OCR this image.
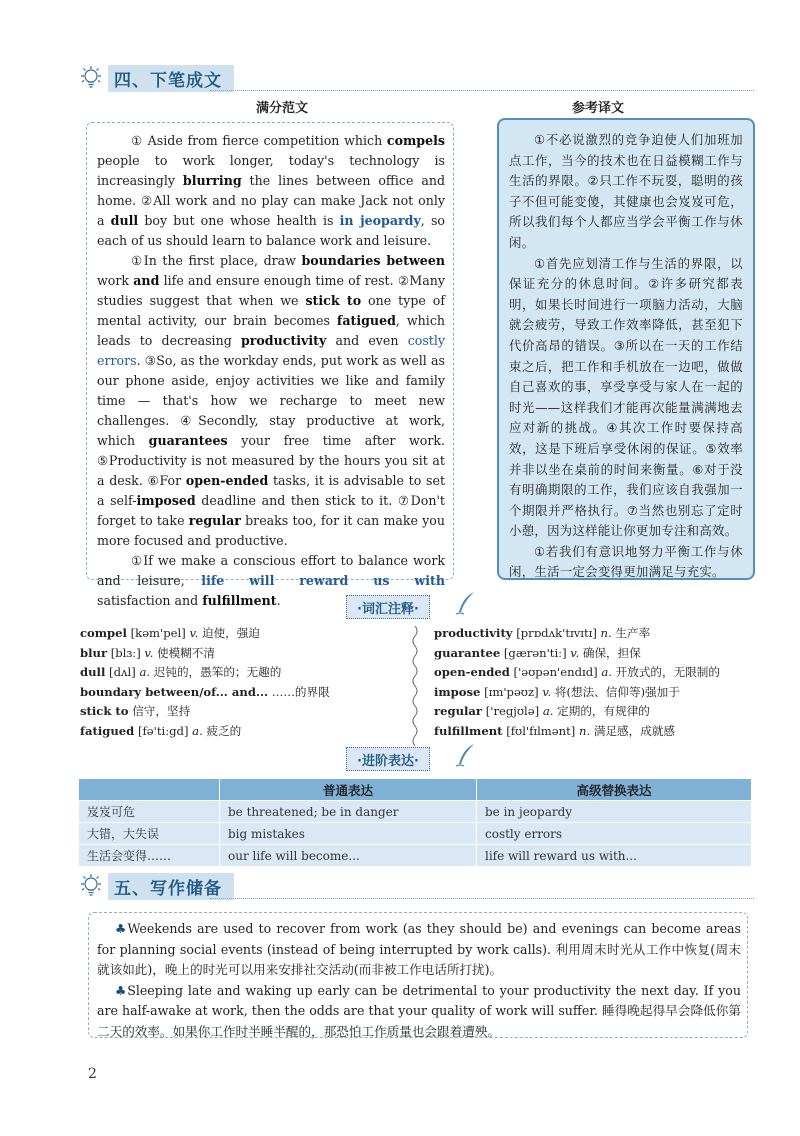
四、下笔成文
满分范文	参考译文

① Aside from fierce competition which compels people to work longer, today's technology is increasingly blurring the lines between office and home. ②All work and no play can make Jack not only a dull boy but one whose health is in jeopardy, so each of us should learn to balance work and leisure.

①In the first place, draw boundaries between work and life and ensure enough time of rest. ②Many studies suggest that when we stick to one type of mental activity, our brain becomes fatigued, which leads to decreasing productivity and even costly errors. ③So, as the workday ends, put work as well as our phone aside, enjoy activities we like and family time — that's how we recharge to meet new challenges. ④Secondly, stay productive at work, which guarantees your free time after work. ⑤Productivity is not measured by the hours you sit at a desk. ⑥For open-ended tasks, it is advisable to set a self-imposed deadline and then stick to it. ⑦Don't forget to take regular breaks too, for it can make you more focused and productive.

①If we make a conscious effort to balance work and leisure, life will reward us with satisfaction and fulfillment.

①不必说激烈的竞争迫使人们加班加点工作，当今的技术也在日益模糊工作与生活的界限。②只工作不玩耍，聪明的孩子不但可能变傻，其健康也会岌岌可危，所以我们每个人都应当学会平衡工作与休闲。

①首先应划清工作与生活的界限，以保证充分的休息时间。②许多研究都表明，如果长时间进行一项脑力活动，大脑就会疲劳，导致工作效率降低，甚至犯下代价高昂的错误。③所以在一天的工作结束之后，把工作和手机放在一边吧，做做自己喜欢的事，享受享受与家人在一起的时光——这样我们才能再次能量满满地去应对新的挑战。④其次工作时要保持高效，这是下班后享受休闲的保证。⑤效率并非以坐在桌前的时间来衡量。⑥对于没有明确期限的工作，我们应该自我强加一个期限并严格执行。⑦当然也别忘了定时小憩，因为这样能让你更加专注和高效。

①若我们有意识地努力平衡工作与休闲，生活一定会变得更加满足与充实。

·词汇注释·
compel [kəm'pel] v. 迫使，强迫
blur [blɜː] v. 使模糊不清
dull [dʌl] a. 迟钝的，愚笨的；无趣的
boundary between/of... and... ……的界限
stick to 信守，坚持
fatigued [fə'tiːgd] a. 疲乏的
productivity [prɒdʌk'tɪvɪtɪ] n. 生产率
guarantee [gærən'tiː] v. 确保，担保
open-ended ['əʊpən'endɪd] a. 开放式的，无限制的
impose [ɪm'pəʊz] v. 将(想法、信仰等)强加于
regular ['regjʊlə] a. 定期的，有规律的
fulfillment [fʊl'fɪlmənt] n. 满足感，成就感
·进阶表达·
	普通表达	高级替换表达
岌岌可危	be threatened; be in danger	be in jeopardy
大错，大失误	big mistakes	costly errors
生活会变得……	our life will become...	life will reward us with...
五、写作储备

♣Weekends are used to recover from work (as they should be) and evenings can become areas for planning social events (instead of being interrupted by work calls). 利用周末时光从工作中恢复(周末就该如此)，晚上的时光可以用来安排社交活动(而非被工作电话所打扰)。

♣Sleeping late and waking up early can be detrimental to your productivity the next day. If you are half-awake at work, then the odds are that your quality of work will suffer. 睡得晚起得早会降低你第二天的效率。如果你工作时半睡半醒的，那恐怕工作质量也会跟着遭殃。

2
